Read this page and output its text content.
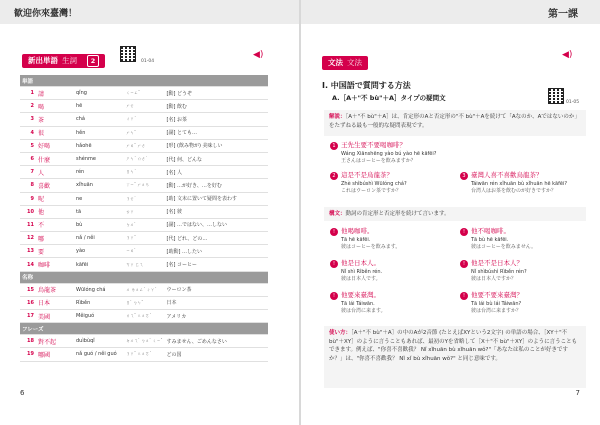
歓迎你來臺灣！	第一課
新出単語 生詞 2	01-04
◀)
単語				
1	請	qǐng	ㄑㄧㄥˇ	[動] どうぞ
2	喝	hē	ㄏㄜ	[動] 飲む
3	茶	chá	ㄔㄚˊ	[名] お茶
4	很	hěn	ㄏㄣˇ	[副] とても…
5	好喝	hǎohē	ㄏㄠˇ ㄏㄜ	[形] (飲み物が) 美味しい
6	什麼	shénme	ㄕㄣˊ ㄇㄜ˙	[代] 何、どんな
7	人	rén	ㄖㄣˊ	[名] 人
8	喜歡	xǐhuān	ㄒㄧˇ ㄏㄨㄢ	[動] …が好き、…を好む
9	呢	ne	ㄋㄜ˙	[助] 文末に置いて疑問を表わす
10	他	tā	ㄊㄚ	[名] 彼
11	不	bù	ㄅㄨˋ	[副] …ではない、…しない
12	哪	nǎ / něi	ㄋㄚˇ	[代] どれ、どの…
13	要	yào	ㄧㄠˋ	[助動] …したい
14	咖啡	kāfēi	ㄎㄚ ㄈㄟ	[名] コーヒー
名称				
15	烏龍茶	Wūlóng chá	ㄨ ㄌㄨㄥˊ ㄔㄚˊ	ウーロン茶
16	日本	Rìběn	ㄖˋ ㄅㄣˇ	日本
17	美國	Měiguó	ㄇㄟˇ ㄍㄨㄛˊ	アメリカ
フレーズ				
18	對不起	duìbùqǐ	ㄉㄨㄟˋ ㄅㄨˋ ㄑㄧˇ	すみません、ごめんなさい
19	哪國	nǎ guó / něi guó	ㄋㄚˇ ㄍㄨㄛˊ	どの国
6
文法 文法
◀)
Ⅰ. 中国語で質問する方法
A.［A＋"不 bù"＋A］タイプの疑問文
01-05
解説：［A＋"不 bù"＋A］は、肯定形のAと否定形の"不 bù"＋Aを続けて「Aなのか、Aではないのか」をたずねる最も一般的な疑問表現です。
1 王先生要不要喝咖啡？
Wáng Xiānshēng yào bú yào hē kāfēi?
王さんはコーヒーを飲みますか？
2 這是不是烏龍茶？
Zhè shìbúshì Wūlóng chá?
これはウーロン茶ですか？
3 臺灣人喜不喜歡烏龍茶？
Táiwān rén xǐhuān bù xǐhuān hē kāfēi?
台湾人はお茶を飲むのが好きですか？
構文：動詞の肯定形と否定形を続けて言います。
! 他喝咖啡。
Tā hē kāfēi.
彼はコーヒーを飲みます。
! 他不喝咖啡。
Tā bù hē kāfēi.
彼はコーヒーを飲みません。
! 他是日本人。
Nǐ shì Rìběn rén.
彼は日本人です。
! 他是不是日本人？
Nǐ shìbúshì Rìběn rén?
彼は日本人ですか？
! 他要來臺灣。
Tā lái Táiwān.
彼は台湾に来ます。
! 他要不要來臺灣？
Tā lái bù lái Táiwān?
彼は台湾に来ますか？
使い方：［A＋"不 bù"＋A］の中のAが2音節 (たとえばXYという2文字) の単語の場合、［XY＋"不 bù"＋XY］のように言うこともあれば、最初のYを省略して［X＋"不 bù"＋XY］のように言うこともできます。例えば、"你喜不喜歡我？ Nǐ xǐhuān bù xǐhuān wǒ?"「あなたは私のことが好きですか？」は、"你喜不喜歡我？ Nǐ xǐ bù xǐhuān wǒ?" と同じ意味です。
7
